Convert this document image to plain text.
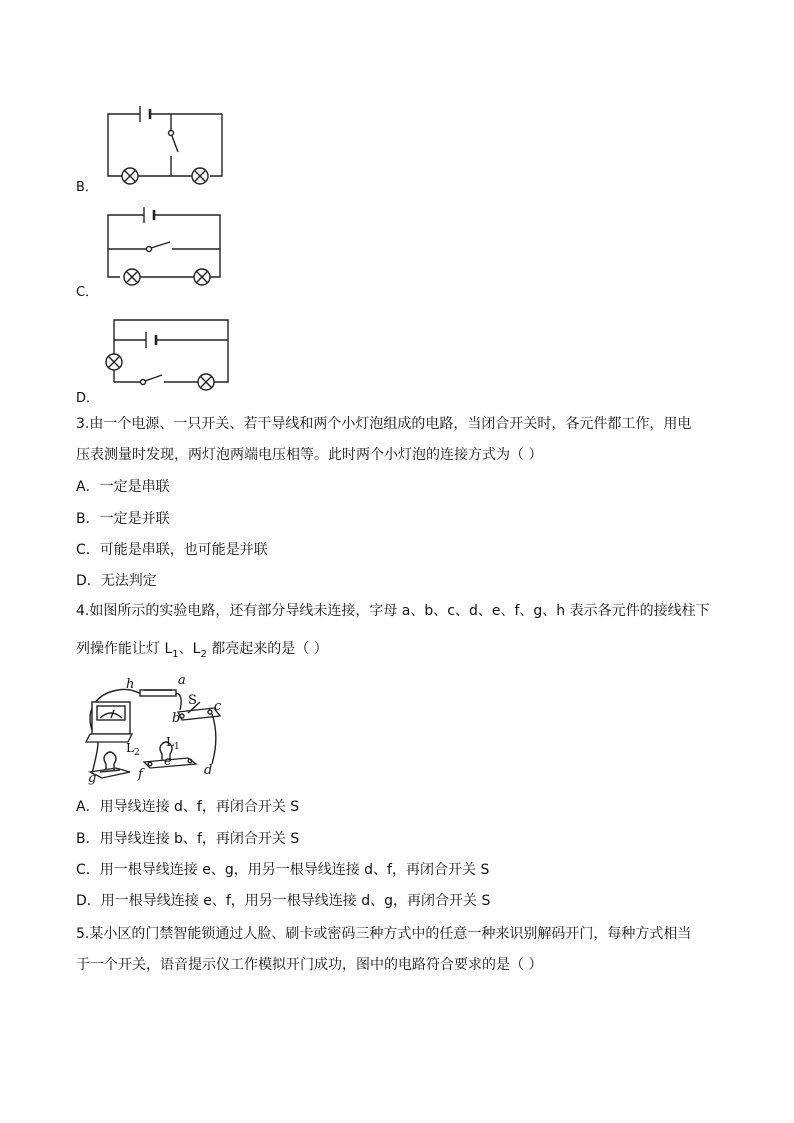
B．
C．
D．
3.由一个电源、一只开关、若干导线和两个小灯泡组成的电路，当闭合开关时，各元件都工作，用电
压表测量时发现，两灯泡两端电压相等。此时两个小灯泡的连接方式为（ ）
A．一定是串联
B．一定是并联
C．可能是串联，也可能是并联
D．无法判定
4.如图所示的实验电路，还有部分导线未连接，字母 a、b、c、d、e、f、g、h 表示各元件的接线柱下
列操作能让灯 $L_1$、$L_2$ 都亮起来的是（ ）
h	a
S
b
c
$L_2$
$L_1$
e
d
g	f
A．用导线连接 d、f，再闭合开关 S
B．用导线连接 b、f，再闭合开关 S
C．用一根导线连接 e、g，用另一根导线连接 d、f，再闭合开关 S
D．用一根导线连接 e、f，用另一根导线连接 d、g，再闭合开关 S
5.某小区的门禁智能锁通过人脸、刷卡或密码三种方式中的任意一种来识别解码开门，每种方式相当
于一个开关，语音提示仪工作模拟开门成功，图中的电路符合要求的是（ ）
